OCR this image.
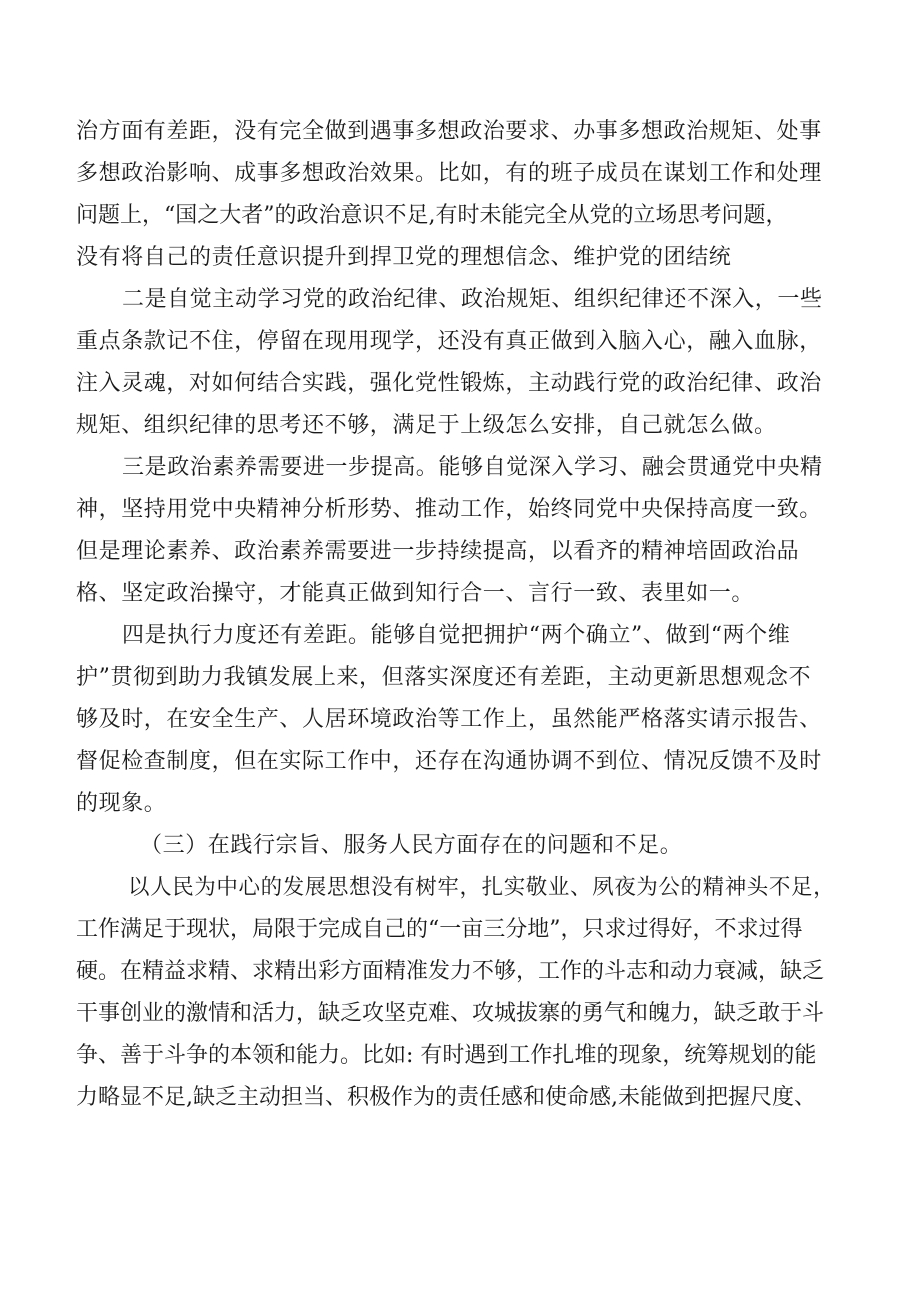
治方面有差距，没有完全做到遇事多想政治要求、办事多想政治规矩、处事
多想政治影响、成事多想政治效果。比如，有的班子成员在谋划工作和处理
问题上，“国之大者”的政治意识不足,有时未能完全从党的立场思考问题，
没有将自己的责任意识提升到捍卫党的理想信念、维护党的团结统
二是自觉主动学习党的政治纪律、政治规矩、组织纪律还不深入，一些
重点条款记不住，停留在现用现学，还没有真正做到入脑入心，融入血脉，
注入灵魂，对如何结合实践，强化党性锻炼，主动践行党的政治纪律、政治
规矩、组织纪律的思考还不够，满足于上级怎么安排，自己就怎么做。
三是政治素养需要进一步提高。能够自觉深入学习、融会贯通党中央精
神，坚持用党中央精神分析形势、推动工作，始终同党中央保持高度一致。
但是理论素养、政治素养需要进一步持续提高，以看齐的精神培固政治品
格、坚定政治操守，才能真正做到知行合一、言行一致、表里如一。
四是执行力度还有差距。能够自觉把拥护“两个确立”、做到“两个维
护”贯彻到助力我镇发展上来，但落实深度还有差距，主动更新思想观念不
够及时，在安全生产、人居环境政治等工作上，虽然能严格落实请示报告、
督促检查制度，但在实际工作中，还存在沟通协调不到位、情况反馈不及时
的现象。
（三）在践行宗旨、服务人民方面存在的问题和不足。
以人民为中心的发展思想没有树牢，扎实敬业、夙夜为公的精神头不足，
工作满足于现状，局限于完成自己的“一亩三分地”，只求过得好，不求过得
硬。在精益求精、求精出彩方面精准发力不够，工作的斗志和动力衰减，缺乏
干事创业的激情和活力，缺乏攻坚克难、攻城拔寨的勇气和魄力，缺乏敢于斗
争、善于斗争的本领和能力。比如: 有时遇到工作扎堆的现象，统筹规划的能
力略显不足,缺乏主动担当、积极作为的责任感和使命感,未能做到把握尺度、
